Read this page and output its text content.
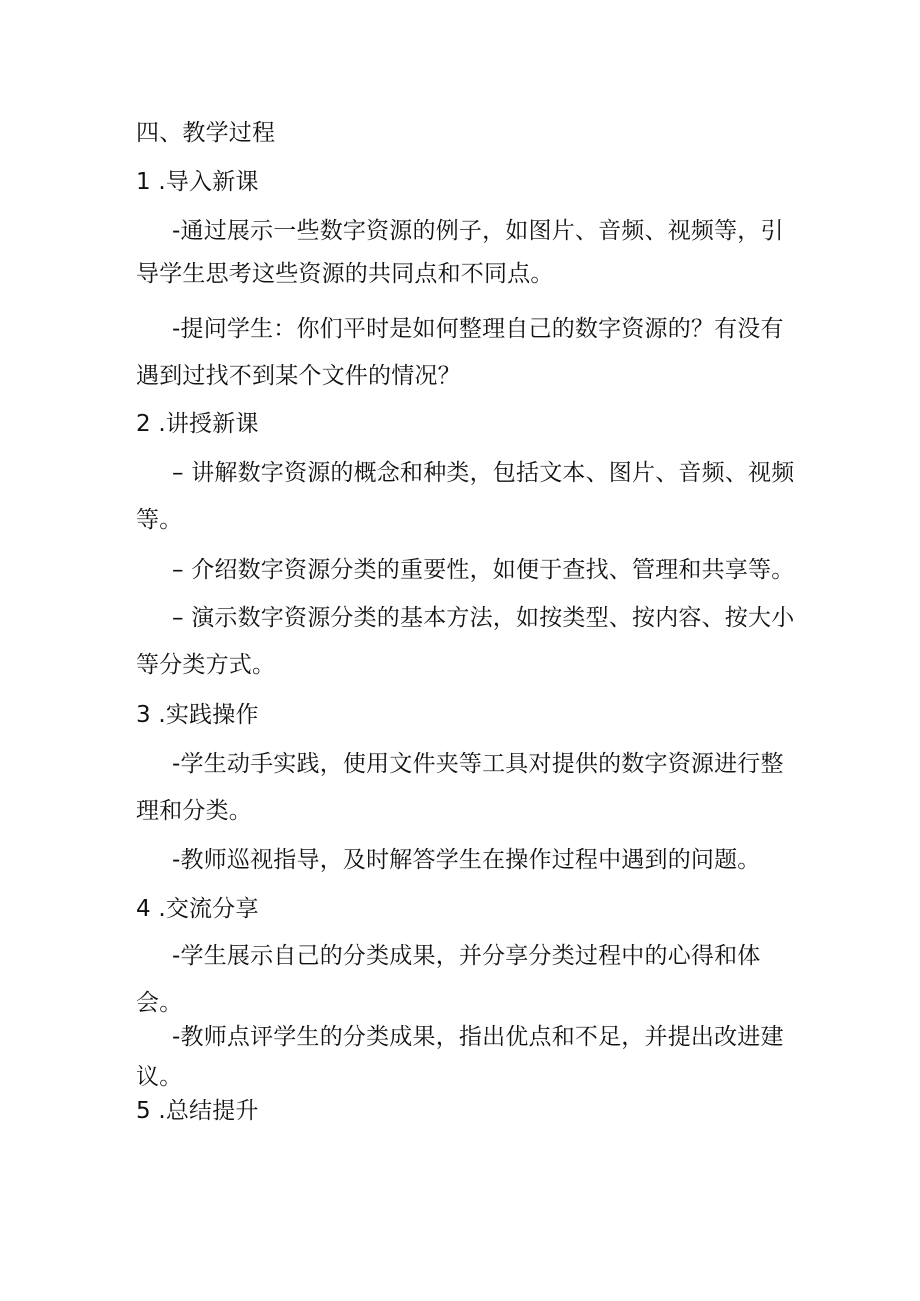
四、教学过程
1 .导入新课
-通过展示一些数字资源的例子，如图片、音频、视频等，引
导学生思考这些资源的共同点和不同点。
-提问学生：你们平时是如何整理自己的数字资源的？有没有
遇到过找不到某个文件的情况？
2 .讲授新课
– 讲解数字资源的概念和种类，包括文本、图片、音频、视频
等。
– 介绍数字资源分类的重要性，如便于查找、管理和共享等。
– 演示数字资源分类的基本方法，如按类型、按内容、按大小
等分类方式。
3 .实践操作
-学生动手实践，使用文件夹等工具对提供的数字资源进行整
理和分类。
-教师巡视指导，及时解答学生在操作过程中遇到的问题。
4 .交流分享
-学生展示自己的分类成果，并分享分类过程中的心得和体
会。
-教师点评学生的分类成果，指出优点和不足，并提出改进建
议。
5 .总结提升
